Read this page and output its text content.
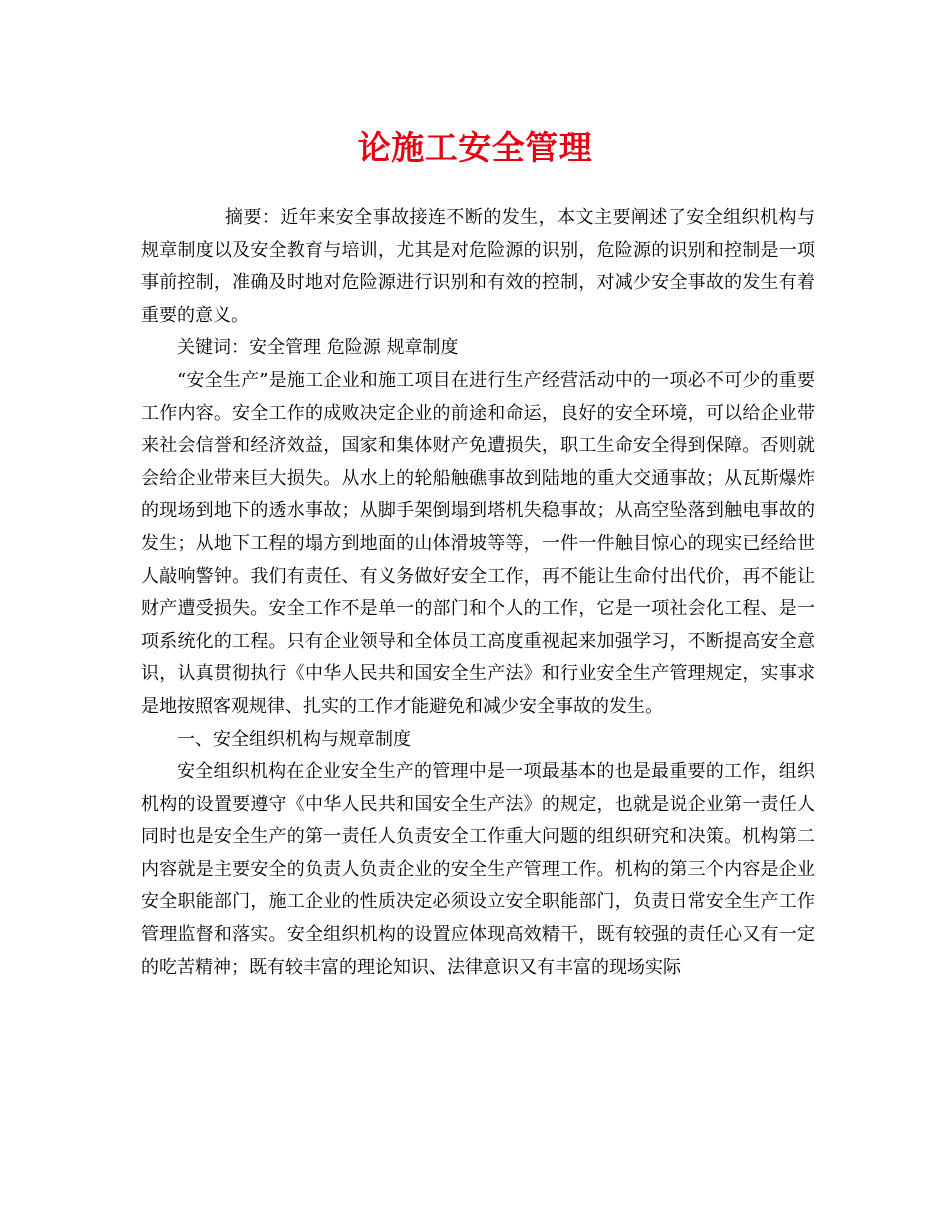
论施工安全管理

摘要：近年来安全事故接连不断的发生，本文主要阐述了安全组织机构与规章制度以及安全教育与培训，尤其是对危险源的识别，危险源的识别和控制是一项事前控制，准确及时地对危险源进行识别和有效的控制，对减少安全事故的发生有着重要的意义。

关键词：安全管理 危险源 规章制度

“安全生产”是施工企业和施工项目在进行生产经营活动中的一项必不可少的重要工作内容。安全工作的成败决定企业的前途和命运，良好的安全环境，可以给企业带来社会信誉和经济效益，国家和集体财产免遭损失，职工生命安全得到保障。否则就会给企业带来巨大损失。从水上的轮船触礁事故到陆地的重大交通事故；从瓦斯爆炸的现场到地下的透水事故；从脚手架倒塌到塔机失稳事故；从高空坠落到触电事故的发生；从地下工程的塌方到地面的山体滑坡等等，一件一件触目惊心的现实已经给世人敲响警钟。我们有责任、有义务做好安全工作，再不能让生命付出代价，再不能让财产遭受损失。安全工作不是单一的部门和个人的工作，它是一项社会化工程、是一项系统化的工程。只有企业领导和全体员工高度重视起来加强学习，不断提高安全意识，认真贯彻执行《中华人民共和国安全生产法》和行业安全生产管理规定，实事求是地按照客观规律、扎实的工作才能避免和减少安全事故的发生。

一、安全组织机构与规章制度

安全组织机构在企业安全生产的管理中是一项最基本的也是最重要的工作，组织机构的设置要遵守《中华人民共和国安全生产法》的规定，也就是说企业第一责任人同时也是安全生产的第一责任人负责安全工作重大问题的组织研究和决策。机构第二内容就是主要安全的负责人负责企业的安全生产管理工作。机构的第三个内容是企业安全职能部门，施工企业的性质决定必须设立安全职能部门，负责日常安全生产工作管理监督和落实。安全组织机构的设置应体现高效精干，既有较强的责任心又有一定的吃苦精神；既有较丰富的理论知识、法律意识又有丰富的现场实际
